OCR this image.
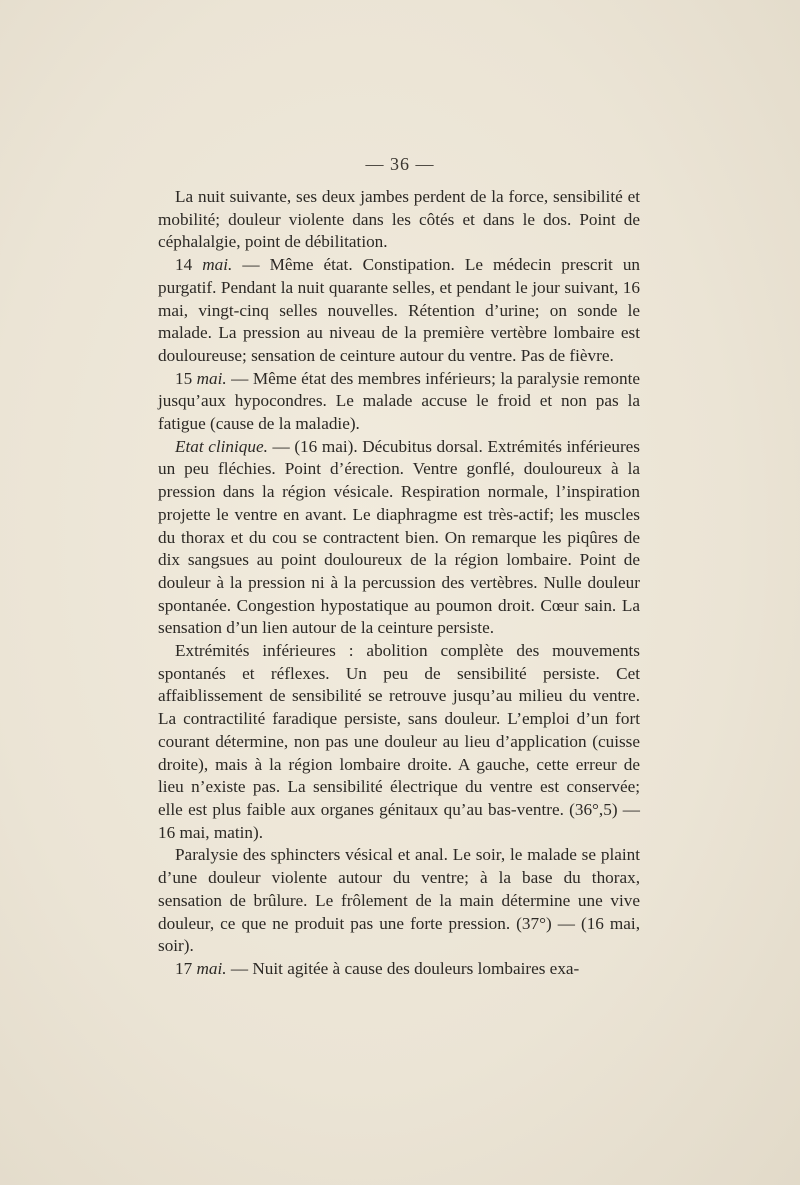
— 36 —

La nuit suivante, ses deux jambes perdent de la force, sensibilité et mobilité; douleur violente dans les côtés et dans le dos. Point de céphalalgie, point de débilitation.

14 mai. — Même état. Constipation. Le médecin prescrit un purgatif. Pendant la nuit quarante selles, et pendant le jour suivant, 16 mai, vingt-cinq selles nouvelles. Rétention d’urine; on sonde le malade. La pression au niveau de la première vertèbre lombaire est douloureuse; sensation de ceinture autour du ventre. Pas de fièvre.

15 mai. — Même état des membres inférieurs; la paralysie remonte jusqu’aux hypocondres. Le malade accuse le froid et non pas la fatigue (cause de la maladie).

Etat clinique. — (16 mai). Décubitus dorsal. Extrémités inférieures un peu fléchies. Point d’érection. Ventre gonflé, douloureux à la pression dans la région vésicale. Respiration normale, l’inspiration projette le ventre en avant. Le diaphragme est très-actif; les muscles du thorax et du cou se contractent bien. On remarque les piqûres de dix sangsues au point douloureux de la région lombaire. Point de douleur à la pression ni à la percussion des vertèbres. Nulle douleur spontanée. Congestion hypostatique au poumon droit. Cœur sain. La sensation d’un lien autour de la ceinture persiste.

Extrémités inférieures : abolition complète des mouvements spontanés et réflexes. Un peu de sensibilité persiste. Cet affaiblissement de sensibilité se retrouve jusqu’au milieu du ventre. La contractilité faradique persiste, sans douleur. L’emploi d’un fort courant détermine, non pas une douleur au lieu d’application (cuisse droite), mais à la région lombaire droite. A gauche, cette erreur de lieu n’existe pas. La sensibilité électrique du ventre est conservée; elle est plus faible aux organes génitaux qu’au bas-ventre. (36°,5) — 16 mai, matin).

Paralysie des sphincters vésical et anal. Le soir, le malade se plaint d’une douleur violente autour du ventre; à la base du thorax, sensation de brûlure. Le frôlement de la main détermine une vive douleur, ce que ne produit pas une forte pression. (37°) — (16 mai, soir).

17 mai. — Nuit agitée à cause des douleurs lombaires exa-
